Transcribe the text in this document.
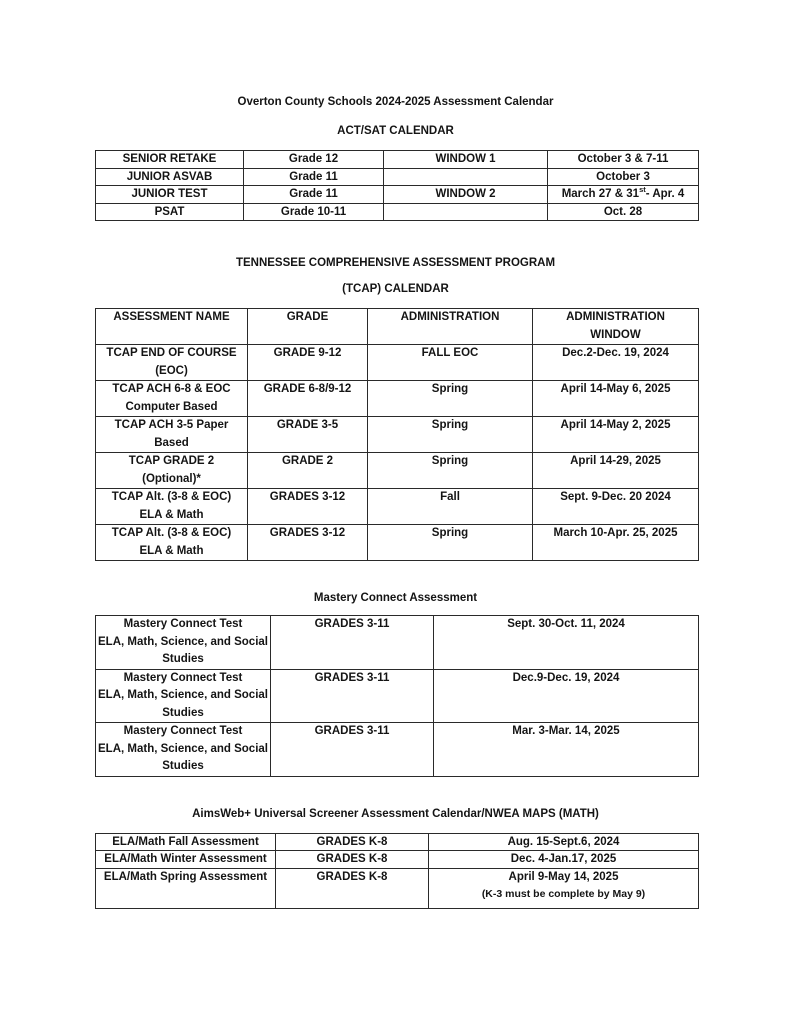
Overton County Schools 2024-2025 Assessment Calendar
ACT/SAT CALENDAR
SENIOR RETAKE	Grade 12	WINDOW 1	October 3 & 7-11
JUNIOR ASVAB	Grade 11		October 3
JUNIOR TEST	Grade 11	WINDOW 2	March 27 & 31st- Apr. 4
PSAT	Grade 10-11		Oct. 28
TENNESSEE COMPREHENSIVE ASSESSMENT PROGRAM
(TCAP) CALENDAR
ASSESSMENT NAME	GRADE	ADMINISTRATION	ADMINISTRATION
WINDOW

TCAP END OF COURSE
(EOC)	GRADE 9-12	FALL EOC	Dec.2-Dec. 19, 2024

TCAP ACH 6-8 & EOC
Computer Based	GRADE 6-8/9-12	Spring	April 14-May 6, 2025

TCAP ACH 3-5 Paper
Based	GRADE 3-5	Spring	April 14-May 2, 2025

TCAP GRADE 2
(Optional)*	GRADE 2	Spring	April 14-29, 2025

TCAP Alt. (3-8 & EOC)
ELA & Math	GRADES 3-12	Fall	Sept. 9-Dec. 20 2024

TCAP Alt. (3-8 & EOC)
ELA & Math	GRADES 3-12	Spring	March 10-Apr. 25, 2025
Mastery Connect Assessment
Mastery Connect Test
ELA, Math, Science, and Social
Studies	GRADES 3-11	Sept. 30-Oct. 11, 2024

Mastery Connect Test
ELA, Math, Science, and Social
Studies	GRADES 3-11	Dec.9-Dec. 19, 2024

Mastery Connect Test
ELA, Math, Science, and Social
Studies	GRADES 3-11	Mar. 3-Mar. 14, 2025
AimsWeb+ Universal Screener Assessment Calendar/NWEA MAPS (MATH)
ELA/Math Fall Assessment	GRADES K-8	Aug. 15-Sept.6, 2024
ELA/Math Winter Assessment	GRADES K-8	Dec. 4-Jan.17, 2025
ELA/Math Spring Assessment	GRADES K-8	April 9-May 14, 2025
(K-3 must be complete by May 9)
